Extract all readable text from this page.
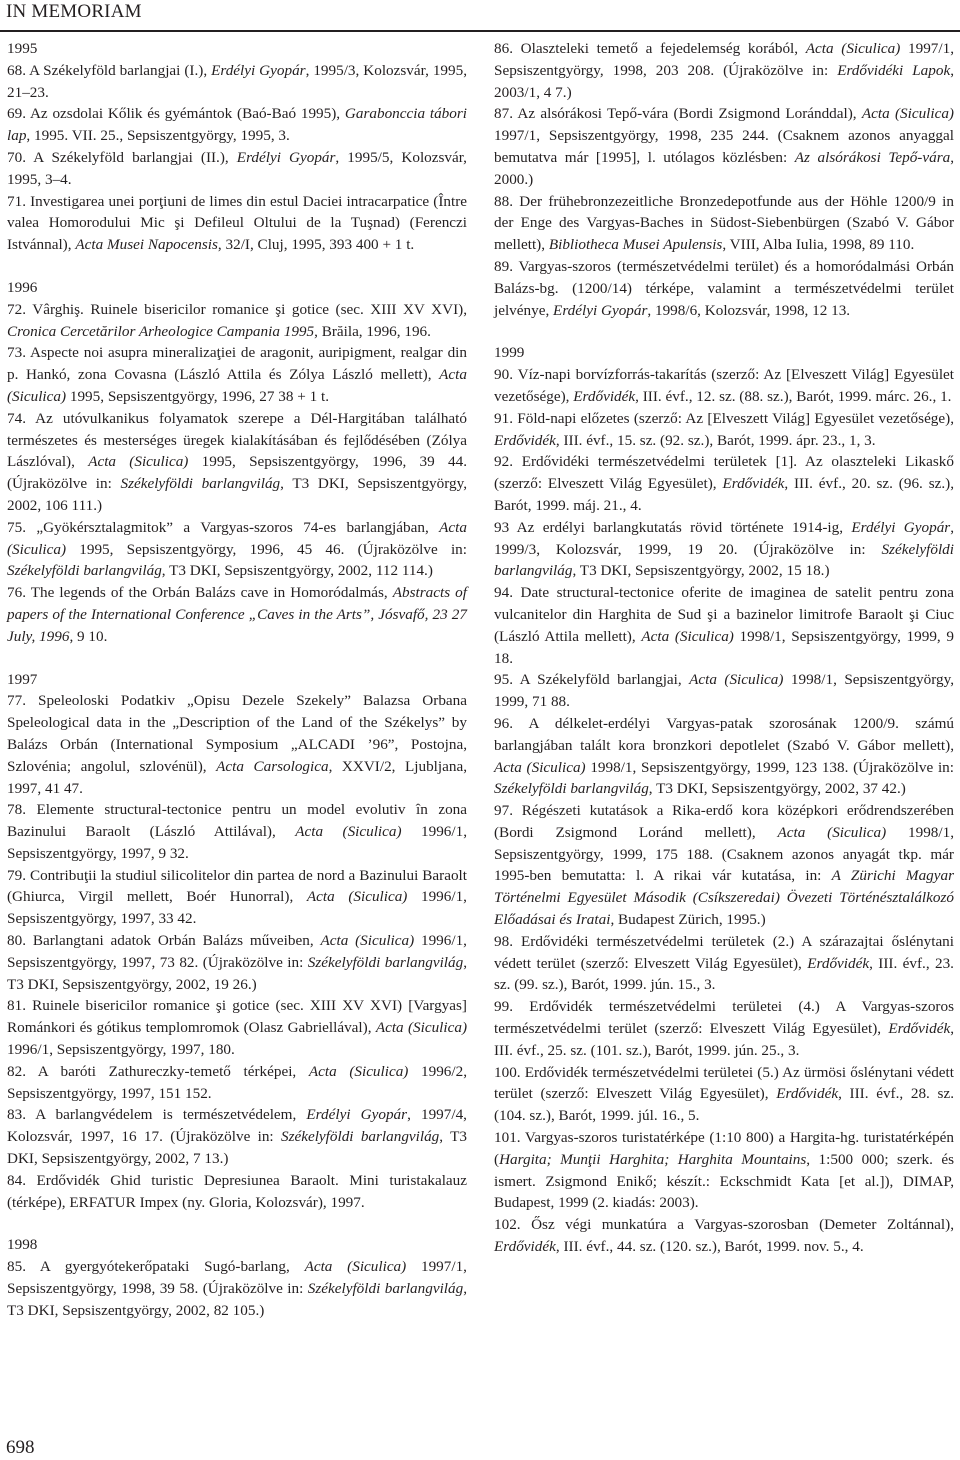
IN MEMORIAM

1995

68. A Székelyföld barlangjai (I.), Erdélyi Gyopár, 1995/3, Kolozsvár, 1995, 21–23.

69. Az ozsdolai Kőlik és gyémántok (Baó-Baó 1995), Garabonccia tábori lap, 1995. VII. 25., Sepsiszentgyörgy, 1995, 3.

70. A Székelyföld barlangjai (II.), Erdélyi Gyopár, 1995/5, Kolozsvár, 1995, 3–4.

71. Investigarea unei porţiuni de limes din estul Daciei intracarpatice (Între valea Homorodului Mic şi Defileul Oltului de la Tuşnad) (Ferenczi Istvánnal), Acta Musei Napocensis, 32/I, Cluj, 1995, 393 400 + 1 t.

1996

72. Vârghiş. Ruinele bisericilor romanice şi gotice (sec. XIII XV XVI), Cronica Cercetărilor Arheologice Campania 1995, Brăila, 1996, 196.

73. Aspecte noi asupra mineralizaţiei de aragonit, auripigment, realgar din p. Hankó, zona Covasna (László Attila és Zólya László mellett), Acta (Siculica) 1995, Sepsiszentgyörgy, 1996, 27 38 + 1 t.

74. Az utóvulkanikus folyamatok szerepe a Dél-Hargitában található természetes és mesterséges üregek kialakításában és fejlődésében (Zólya Lászlóval), Acta (Siculica) 1995, Sepsiszentgyörgy, 1996, 39 44. (Újraközölve in: Székelyföldi barlangvilág, T3 DKI, Sepsiszentgyörgy, 2002, 106 111.)

75. „Gyökérsztalagmitok” a Vargyas-szoros 74-es barlangjában, Acta (Siculica) 1995, Sepsiszentgyörgy, 1996, 45 46. (Újraközölve in: Székelyföldi barlangvilág, T3 DKI, Sepsiszentgyörgy, 2002, 112 114.)

76. The legends of the Orbán Balázs cave in Homoródalmás, Abstracts of papers of the International Conference „Caves in the Arts”, Jósvafő, 23 27 July, 1996, 9 10.

1997

77. Speleoloski Podatkiv „Opisu Dezele Szekely” Balazsa Orbana Speleological data in the „Description of the Land of the Székelys” by Balázs Orbán (International Symposium „ALCADI ’96”, Postojna, Szlovénia; angolul, szlovénül), Acta Carsologica, XXVI/2, Ljubljana, 1997, 41 47.

78. Elemente structural-tectonice pentru un model evolutiv în zona Bazinului Baraolt (László Attilával), Acta (Siculica) 1996/1, Sepsiszentgyörgy, 1997, 9 32.

79. Contribuţii la studiul silicolitelor din partea de nord a Bazinului Baraolt (Ghiurca, Virgil mellett, Boér Hunorral), Acta (Siculica) 1996/1, Sepsiszentgyörgy, 1997, 33 42.

80. Barlangtani adatok Orbán Balázs műveiben, Acta (Siculica) 1996/1, Sepsiszentgyörgy, 1997, 73 82. (Újraközölve in: Székelyföldi barlangvilág, T3 DKI, Sepsiszentgyörgy, 2002, 19 26.)

81. Ruinele bisericilor romanice şi gotice (sec. XIII XV XVI) [Vargyas] Románkori és gótikus templomromok (Olasz Gabriellával), Acta (Siculica) 1996/1, Sepsiszentgyörgy, 1997, 180.

82. A baróti Zathureczky-temető térképei, Acta (Siculica) 1996/2, Sepsiszentgyörgy, 1997, 151 152.

83. A barlangvédelem is természetvédelem, Erdélyi Gyopár, 1997/4, Kolozsvár, 1997, 16 17. (Újraközölve in: Székelyföldi barlangvilág, T3 DKI, Sepsiszentgyörgy, 2002, 7 13.)

84. Erdővidék Ghid turistic Depresiunea Baraolt. Mini turistakalauz (térképe), ERFATUR Impex (ny. Gloria, Kolozsvár), 1997.

1998

85. A gyergyótekerőpataki Sugó-barlang, Acta (Siculica) 1997/1, Sepsiszentgyörgy, 1998, 39 58. (Újraközölve in: Székelyföldi barlangvilág, T3 DKI, Sepsiszentgyörgy, 2002, 82 105.)

86. Olaszteleki temető a fejedelemség korából, Acta (Siculica) 1997/1, Sepsiszentgyörgy, 1998, 203 208. (Újraközölve in: Erdővidéki Lapok, 2003/1, 4 7.)

87. Az alsórákosi Tepő-vára (Bordi Zsigmond Loránddal), Acta (Siculica) 1997/1, Sepsiszentgyörgy, 1998, 235 244. (Csaknem azonos anyaggal bemutatva már [1995], l. utólagos közlésben: Az alsórákosi Tepő-vára, 2000.)

88. Der frühebronzezeitliche Bronzedepotfunde aus der Höhle 1200/9 in der Enge des Vargyas-Baches in Südost-Siebenbürgen (Szabó V. Gábor mellett), Bibliotheca Musei Apulensis, VIII, Alba Iulia, 1998, 89 110.

89. Vargyas-szoros (természetvédelmi terület) és a homoródalmási Orbán Balázs-bg. (1200/14) térképe, valamint a természetvédelmi terület jelvénye, Erdélyi Gyopár, 1998/6, Kolozsvár, 1998, 12 13.

1999

90. Víz-napi borvízforrás-takarítás (szerző: Az [Elveszett Világ] Egyesület vezetősége), Erdővidék, III. évf., 12. sz. (88. sz.), Barót, 1999. márc. 26., 1.

91. Föld-napi előzetes (szerző: Az [Elveszett Világ] Egyesület vezetősége), Erdővidék, III. évf., 15. sz. (92. sz.), Barót, 1999. ápr. 23., 1, 3.

92. Erdővidéki természetvédelmi területek [1]. Az olaszteleki Likaskő (szerző: Elveszett Világ Egyesület), Erdővidék, III. évf., 20. sz. (96. sz.), Barót, 1999. máj. 21., 4.

93 Az erdélyi barlangkutatás rövid története 1914-ig, Erdélyi Gyopár, 1999/3, Kolozsvár, 1999, 19 20. (Újraközölve in: Székelyföldi barlangvilág, T3 DKI, Sepsiszentgyörgy, 2002, 15 18.)

94. Date structural-tectonice oferite de imaginea de satelit pentru zona vulcanitelor din Harghita de Sud şi a bazinelor limitrofe Baraolt şi Ciuc (László Attila mellett), Acta (Siculica) 1998/1, Sepsiszentgyörgy, 1999, 9 18.

95. A Székelyföld barlangjai, Acta (Siculica) 1998/1, Sepsiszentgyörgy, 1999, 71 88.

96. A délkelet-erdélyi Vargyas-patak szorosának 1200/9. számú barlangjában talált kora bronzkori depotlelet (Szabó V. Gábor mellett), Acta (Siculica) 1998/1, Sepsiszentgyörgy, 1999, 123 138. (Újraközölve in: Székelyföldi barlangvilág, T3 DKI, Sepsiszentgyörgy, 2002, 37 42.)

97. Régészeti kutatások a Rika-erdő kora középkori erődrendszerében (Bordi Zsigmond Loránd mellett), Acta (Siculica) 1998/1, Sepsiszentgyörgy, 1999, 175 188. (Csaknem azonos anyagát tkp. már 1995-ben bemutatta: l. A rikai vár kutatása, in: A Zürichi Magyar Történelmi Egyesület Második (Csíkszeredai) Övezeti Történésztalálkozó Előadásai és Iratai, Budapest Zürich, 1995.)

98. Erdővidéki természetvédelmi területek (2.) A szárazajtai őslénytani védett terület (szerző: Elveszett Világ Egyesület), Erdővidék, III. évf., 23. sz. (99. sz.), Barót, 1999. jún. 15., 3.

99. Erdővidék természetvédelmi területei (4.) A Vargyas-szoros természetvédelmi terület (szerző: Elveszett Világ Egyesület), Erdővidék, III. évf., 25. sz. (101. sz.), Barót, 1999. jún. 25., 3.

100. Erdővidék természetvédelmi területei (5.) Az ürmösi őslénytani védett terület (szerző: Elveszett Világ Egyesület), Erdővidék, III. évf., 28. sz. (104. sz.), Barót, 1999. júl. 16., 5.

101. Vargyas-szoros turistatérképe (1:10 800) a Hargita-hg. turistatérképén (Hargita; Munţii Harghita; Harghita Mountains, 1:500 000; szerk. és ismert. Zsigmond Enikő; készít.: Eckschmidt Kata [et al.]), DIMAP, Budapest, 1999 (2. kiadás: 2003).

102. Ősz végi munkatúra a Vargyas-szorosban (Demeter Zoltánnal), Erdővidék, III. évf., 44. sz. (120. sz.), Barót, 1999. nov. 5., 4.

698
